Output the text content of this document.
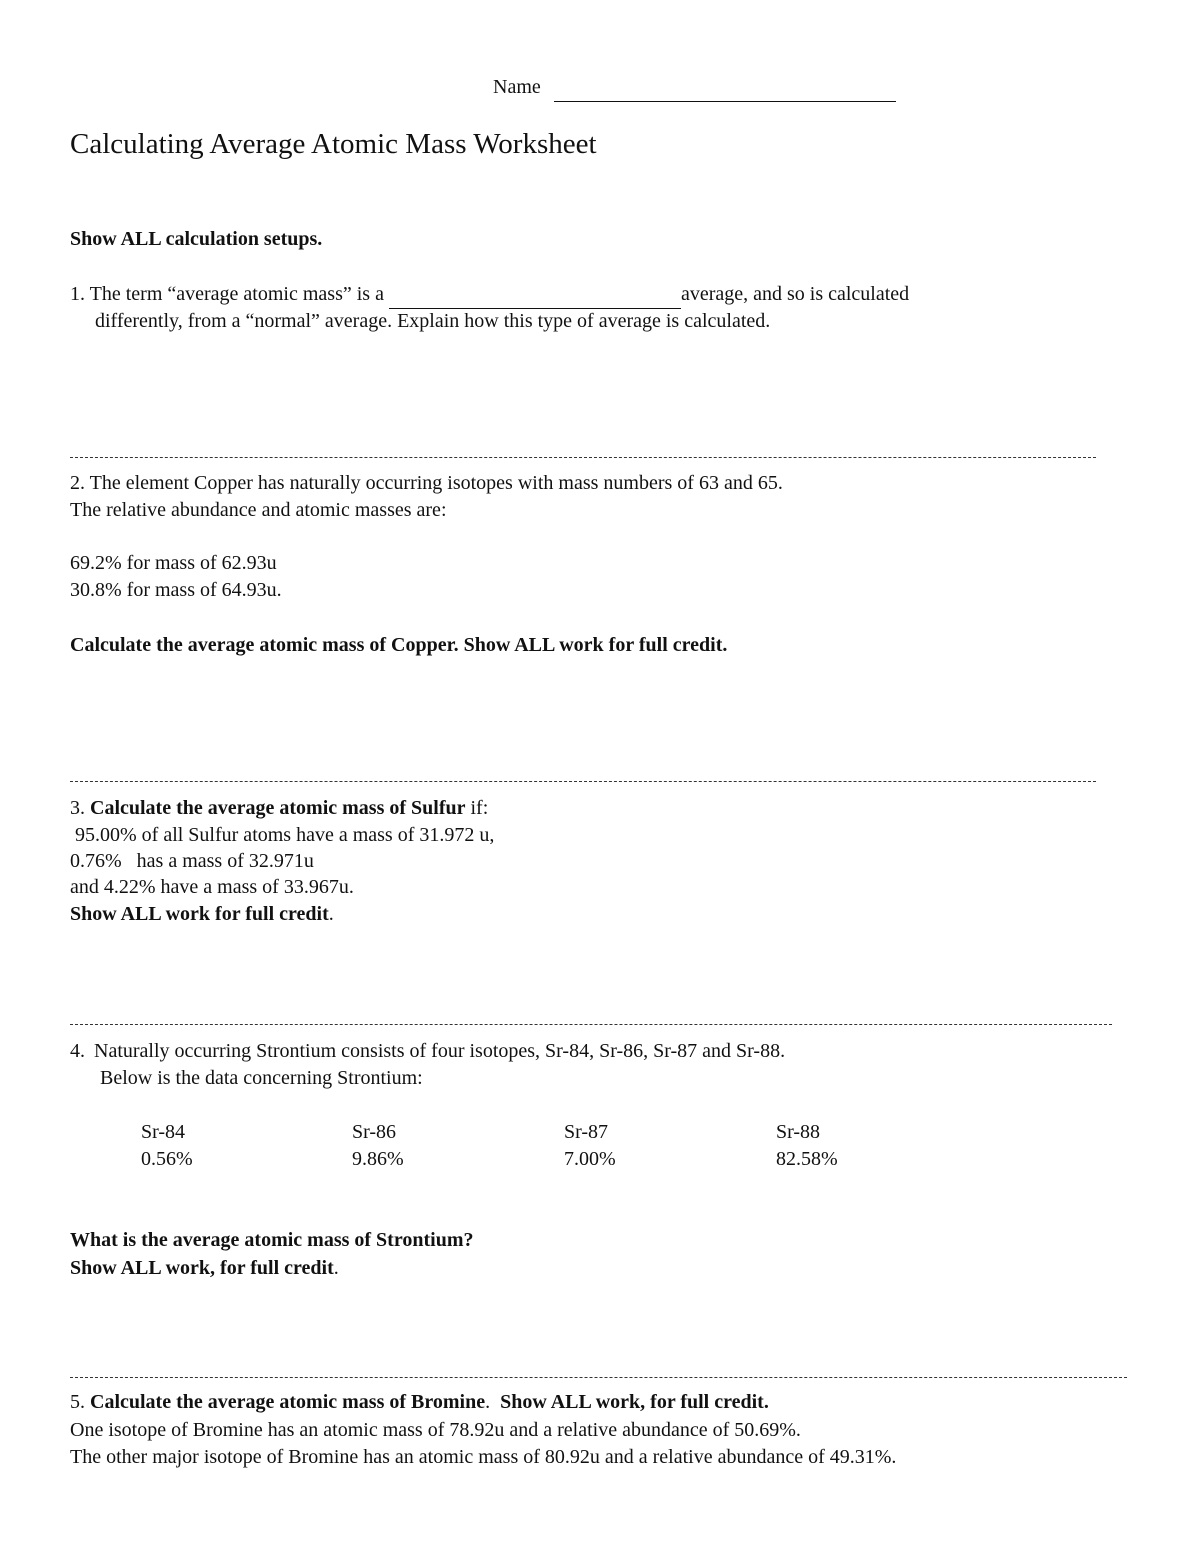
Name
Calculating Average Atomic Mass Worksheet
Show ALL calculation setups.
1. The term “average atomic mass” is a	average, and so is calculated
differently, from a “normal” average. Explain how this type of average is calculated.
2. The element Copper has naturally occurring isotopes with mass numbers of 63 and 65.
The relative abundance and atomic masses are:
69.2% for mass of 62.93u
30.8% for mass of 64.93u.
Calculate the average atomic mass of Copper. Show ALL work for full credit.
3. Calculate the average atomic mass of Sulfur if:
95.00% of all Sulfur atoms have a mass of 31.972 u,
0.76%   has a mass of 32.971u
and 4.22% have a mass of 33.967u.
Show ALL work for full credit.
4. Naturally occurring Strontium consists of four isotopes, Sr-84, Sr-86, Sr-87 and Sr-88.
Below is the data concerning Strontium:
Sr-84
0.56%
Sr-86
9.86%
Sr-87
7.00%
Sr-88
82.58%
What is the average atomic mass of Strontium?
Show ALL work, for full credit.
5. Calculate the average atomic mass of Bromine.  Show ALL work, for full credit.
One isotope of Bromine has an atomic mass of 78.92u and a relative abundance of 50.69%.
The other major isotope of Bromine has an atomic mass of 80.92u and a relative abundance of 49.31%.
